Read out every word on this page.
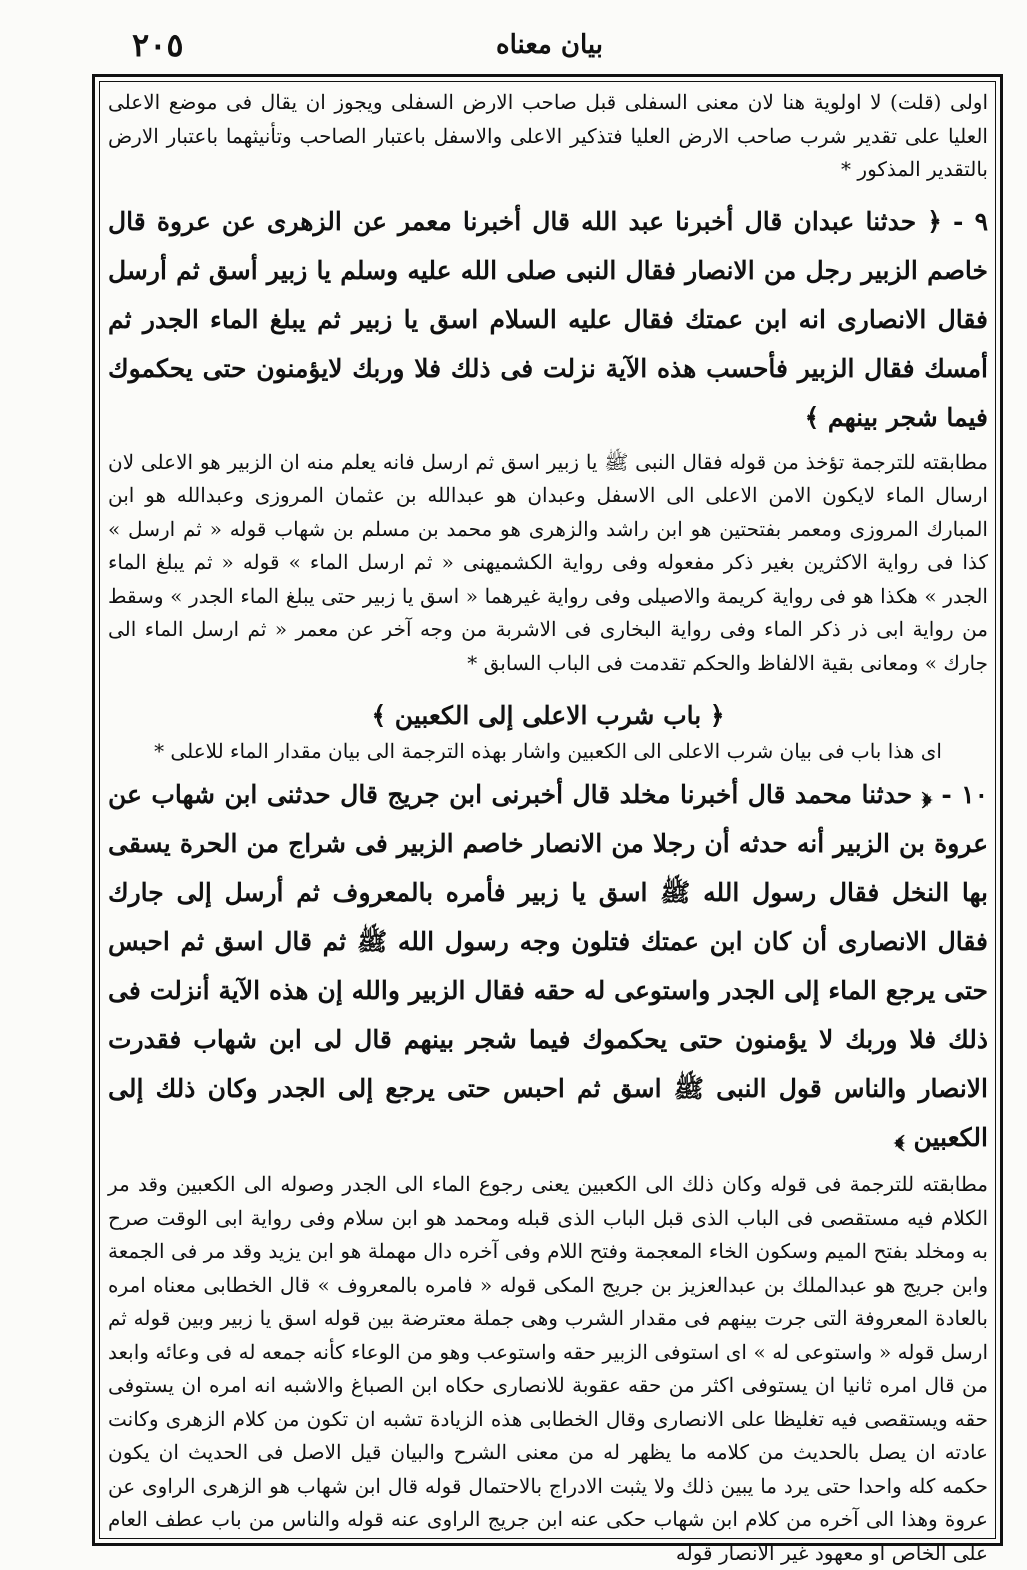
٢٠٥	بيان معناه

اولى (قلت) لا اولوية هنا لان معنى السفلى قبل صاحب الارض السفلى ويجوز ان يقال فى موضع الاعلى العليا على تقدير شرب صاحب الارض العليا فتذكير الاعلى والاسفل باعتبار الصاحب وتأنيثهما باعتبار الارض بالتقدير المذكور *

٩ - ﴿ حدثنا عبدان قال أخبرنا عبد الله قال أخبرنا معمر عن الزهرى عن عروة قال خاصم الزبير رجل من الانصار فقال النبى صلى الله عليه وسلم يا زبير أسق ثم أرسل فقال الانصارى انه ابن عمتك فقال عليه السلام اسق يا زبير ثم يبلغ الماء الجدر ثم أمسك فقال الزبير فأحسب هذه الآية نزلت فى ذلك فلا وربك لايؤمنون حتى يحكموك فيما شجر بينهم ﴾

مطابقته للترجمة تؤخذ من قوله فقال النبى ﷺ يا زبير اسق ثم ارسل فانه يعلم منه ان الزبير هو الاعلى لان ارسال الماء لايكون الامن الاعلى الى الاسفل وعبدان هو عبدالله بن عثمان المروزى وعبدالله هو ابن المبارك المروزى ومعمر بفتحتين هو ابن راشد والزهرى هو محمد بن مسلم بن شهاب قوله « ثم ارسل » كذا فى رواية الاكثرين بغير ذكر مفعوله وفى رواية الكشميهنى « ثم ارسل الماء » قوله « ثم يبلغ الماء الجدر » هكذا هو فى رواية كريمة والاصيلى وفى رواية غيرهما « اسق يا زبير حتى يبلغ الماء الجدر » وسقط من رواية ابى ذر ذكر الماء وفى رواية البخارى فى الاشربة من وجه آخر عن معمر « ثم ارسل الماء الى جارك » ومعانى بقية الالفاظ والحكم تقدمت فى الباب السابق *

﴿ باب شرب الاعلى إلى الكعبين ﴾

اى هذا باب فى بيان شرب الاعلى الى الكعبين واشار بهذه الترجمة الى بيان مقدار الماء للاعلى *

١٠ - ﴿ حدثنا محمد قال أخبرنا مخلد قال أخبرنى ابن جريج قال حدثنى ابن شهاب عن عروة بن الزبير أنه حدثه أن رجلا من الانصار خاصم الزبير فى شراج من الحرة يسقى بها النخل فقال رسول الله ﷺ اسق يا زبير فأمره بالمعروف ثم أرسل إلى جارك فقال الانصارى أن كان ابن عمتك فتلون وجه رسول الله ﷺ ثم قال اسق ثم احبس حتى يرجع الماء إلى الجدر واستوعى له حقه فقال الزبير والله إن هذه الآية أنزلت فى ذلك فلا وربك لا يؤمنون حتى يحكموك فيما شجر بينهم قال لى ابن شهاب فقدرت الانصار والناس قول النبى ﷺ اسق ثم احبس حتى يرجع إلى الجدر وكان ذلك إلى الكعبين ﴾

مطابقته للترجمة فى قوله وكان ذلك الى الكعبين يعنى رجوع الماء الى الجدر وصوله الى الكعبين وقد مر الكلام فيه مستقصى فى الباب الذى قبل الباب الذى قبله ومحمد هو ابن سلام وفى رواية ابى الوقت صرح به ومخلد بفتح الميم وسكون الخاء المعجمة وفتح اللام وفى آخره دال مهملة هو ابن يزيد وقد مر فى الجمعة وابن جريج هو عبدالملك بن عبدالعزيز بن جريج المكى قوله « فامره بالمعروف » قال الخطابى معناه امره بالعادة المعروفة التى جرت بينهم فى مقدار الشرب وهى جملة معترضة بين قوله اسق يا زبير وبين قوله ثم ارسل قوله « واستوعى له » اى استوفى الزبير حقه واستوعب وهو من الوعاء كأنه جمعه له فى وعائه وابعد من قال امره ثانيا ان يستوفى اكثر من حقه عقوبة للانصارى حكاه ابن الصباغ والاشبه انه امره ان يستوفى حقه ويستقصى فيه تغليظا على الانصارى وقال الخطابى هذه الزيادة تشبه ان تكون من كلام الزهرى وكانت عادته ان يصل بالحديث من كلامه ما يظهر له من معنى الشرح والبيان قيل الاصل فى الحديث ان يكون حكمه كله واحدا حتى يرد ما يبين ذلك ولا يثبت الادراج بالاحتمال قوله قال ابن شهاب هو الزهرى الراوى عن عروة وهذا الى آخره من كلام ابن شهاب حكى عنه ابن جريج الراوى عنه قوله والناس من باب عطف العام على الخاص او معهود غير الانصار قوله
